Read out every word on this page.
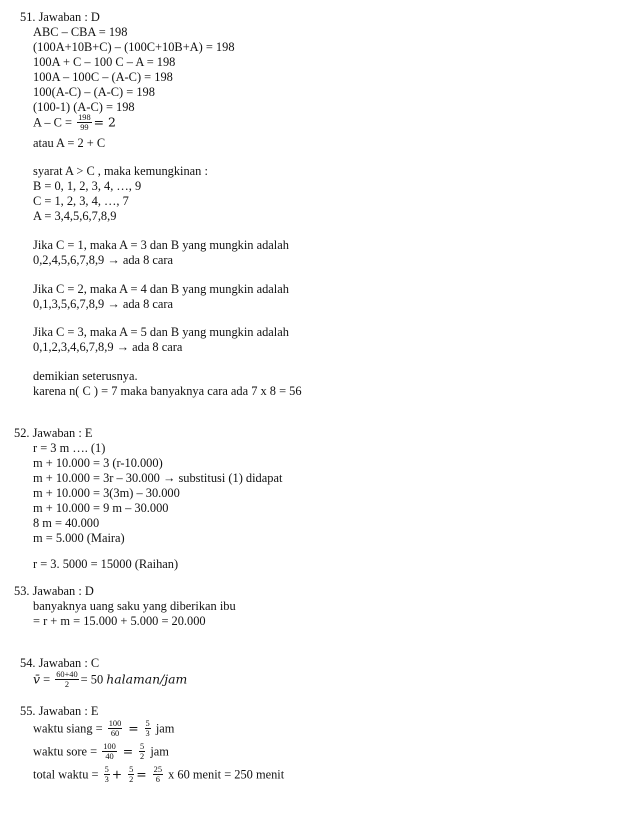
51. Jawaban : D
ABC – CBA = 198
(100A+10B+C) – (100C+10B+A) = 198
100A + C – 100 C – A = 198
100A – 100C – (A-C) = 198
100(A-C) – (A-C) = 198
(100-1) (A-C) = 198
$A - C = \frac{198}{99} = 2$
atau A = 2 + C
syarat A > C , maka kemungkinan :
B = 0, 1, 2, 3, 4, …, 9
C = 1, 2, 3, 4, …, 7
A = 3,4,5,6,7,8,9
Jika C = 1, maka A = 3 dan B yang mungkin adalah
0,2,4,5,6,7,8,9 → ada 8 cara
Jika C = 2, maka A = 4 dan B yang mungkin adalah
0,1,3,5,6,7,8,9 → ada 8 cara
Jika C = 3, maka A = 5 dan B yang mungkin adalah
0,1,2,3,4,6,7,8,9 → ada 8 cara
demikian seterusnya.
karena n( C ) = 7 maka banyaknya cara ada 7 x 8 = 56
52. Jawaban : E
r = 3 m …. (1)
m + 10.000 = 3 (r-10.000)
m + 10.000 = 3r – 30.000 → substitusi (1) didapat
m + 10.000 = 3(3m) – 30.000
m + 10.000 = 9 m – 30.000
8 m = 40.000
m = 5.000 (Maira)
r = 3. 5000 = 15000 (Raihan)
53. Jawaban : D
banyaknya uang saku yang diberikan ibu
= r + m = 15.000 + 5.000 = 20.000
54. Jawaban : C
v̄ = $\frac{60+40}{2} = 50$ halaman/jam
55. Jawaban : E
waktu siang = $\frac{100}{60} = \frac{5}{3}$ jam
waktu sore = $\frac{100}{40} = \frac{5}{2}$ jam
total waktu = $\frac{5}{3} + \frac{5}{2} = \frac{25}{6}$ x 60 menit = 250 menit
